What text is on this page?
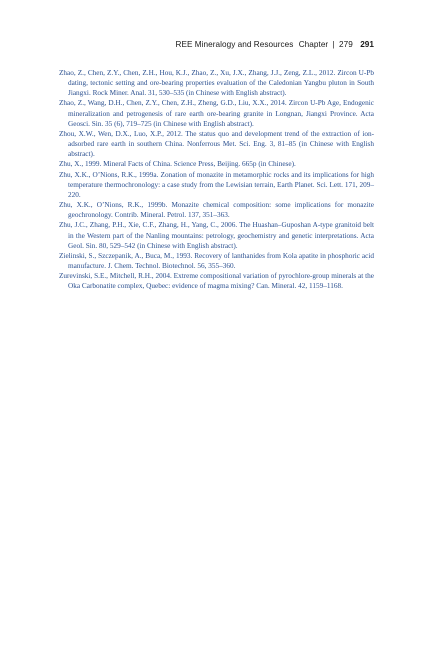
REE Mineralogy and Resources Chapter | 279 291

Zhao, Z., Chen, Z.Y., Chen, Z.H., Hou, K.J., Zhao, Z., Xu, J.X., Zhang, J.J., Zeng, Z.L., 2012. Zircon U-Pb dating, tectonic setting and ore-bearing properties evaluation of the Caledonian Yangbu pluton in South Jiangxi. Rock Miner. Anal. 31, 530–535 (in Chinese with English abstract).

Zhao, Z., Wang, D.H., Chen, Z.Y., Chen, Z.H., Zheng, G.D., Liu, X.X., 2014. Zircon U-Pb Age, Endogenic mineralization and petrogenesis of rare earth ore-bearing granite in Longnan, Jiangxi Province. Acta Geosci. Sin. 35 (6), 719–725 (in Chinese with English abstract).

Zhou, X.W., Wen, D.X., Luo, X.P., 2012. The status quo and development trend of the extraction of ion-adsorbed rare earth in southern China. Nonferrous Met. Sci. Eng. 3, 81–85 (in Chinese with English abstract).

Zhu, X., 1999. Mineral Facts of China. Science Press, Beijing. 665p (in Chinese).

Zhu, X.K., O’Nions, R.K., 1999a. Zonation of monazite in metamorphic rocks and its implications for high temperature thermochronology: a case study from the Lewisian terrain, Earth Planet. Sci. Lett. 171, 209–220.

Zhu, X.K., O’Nions, R.K., 1999b. Monazite chemical composition: some implications for monazite geochronology. Contrib. Mineral. Petrol. 137, 351–363.

Zhu, J.C., Zhang, P.H., Xie, C.F., Zhang, H., Yang, C., 2006. The Huashan–Guposhan A-type granitoid belt in the Western part of the Nanling mountains: petrology, geochemistry and genetic interpretations. Acta Geol. Sin. 80, 529–542 (in Chinese with English abstract).

Zielinski, S., Szczepanik, A., Buca, M., 1993. Recovery of lanthanides from Kola apatite in phosphoric acid manufacture. J. Chem. Technol. Biotechnol. 56, 355–360.

Zurevinski, S.E., Mitchell, R.H., 2004. Extreme compositional variation of pyrochlore-group minerals at the Oka Carbonatite complex, Quebec: evidence of magma mixing? Can. Mineral. 42, 1159–1168.
